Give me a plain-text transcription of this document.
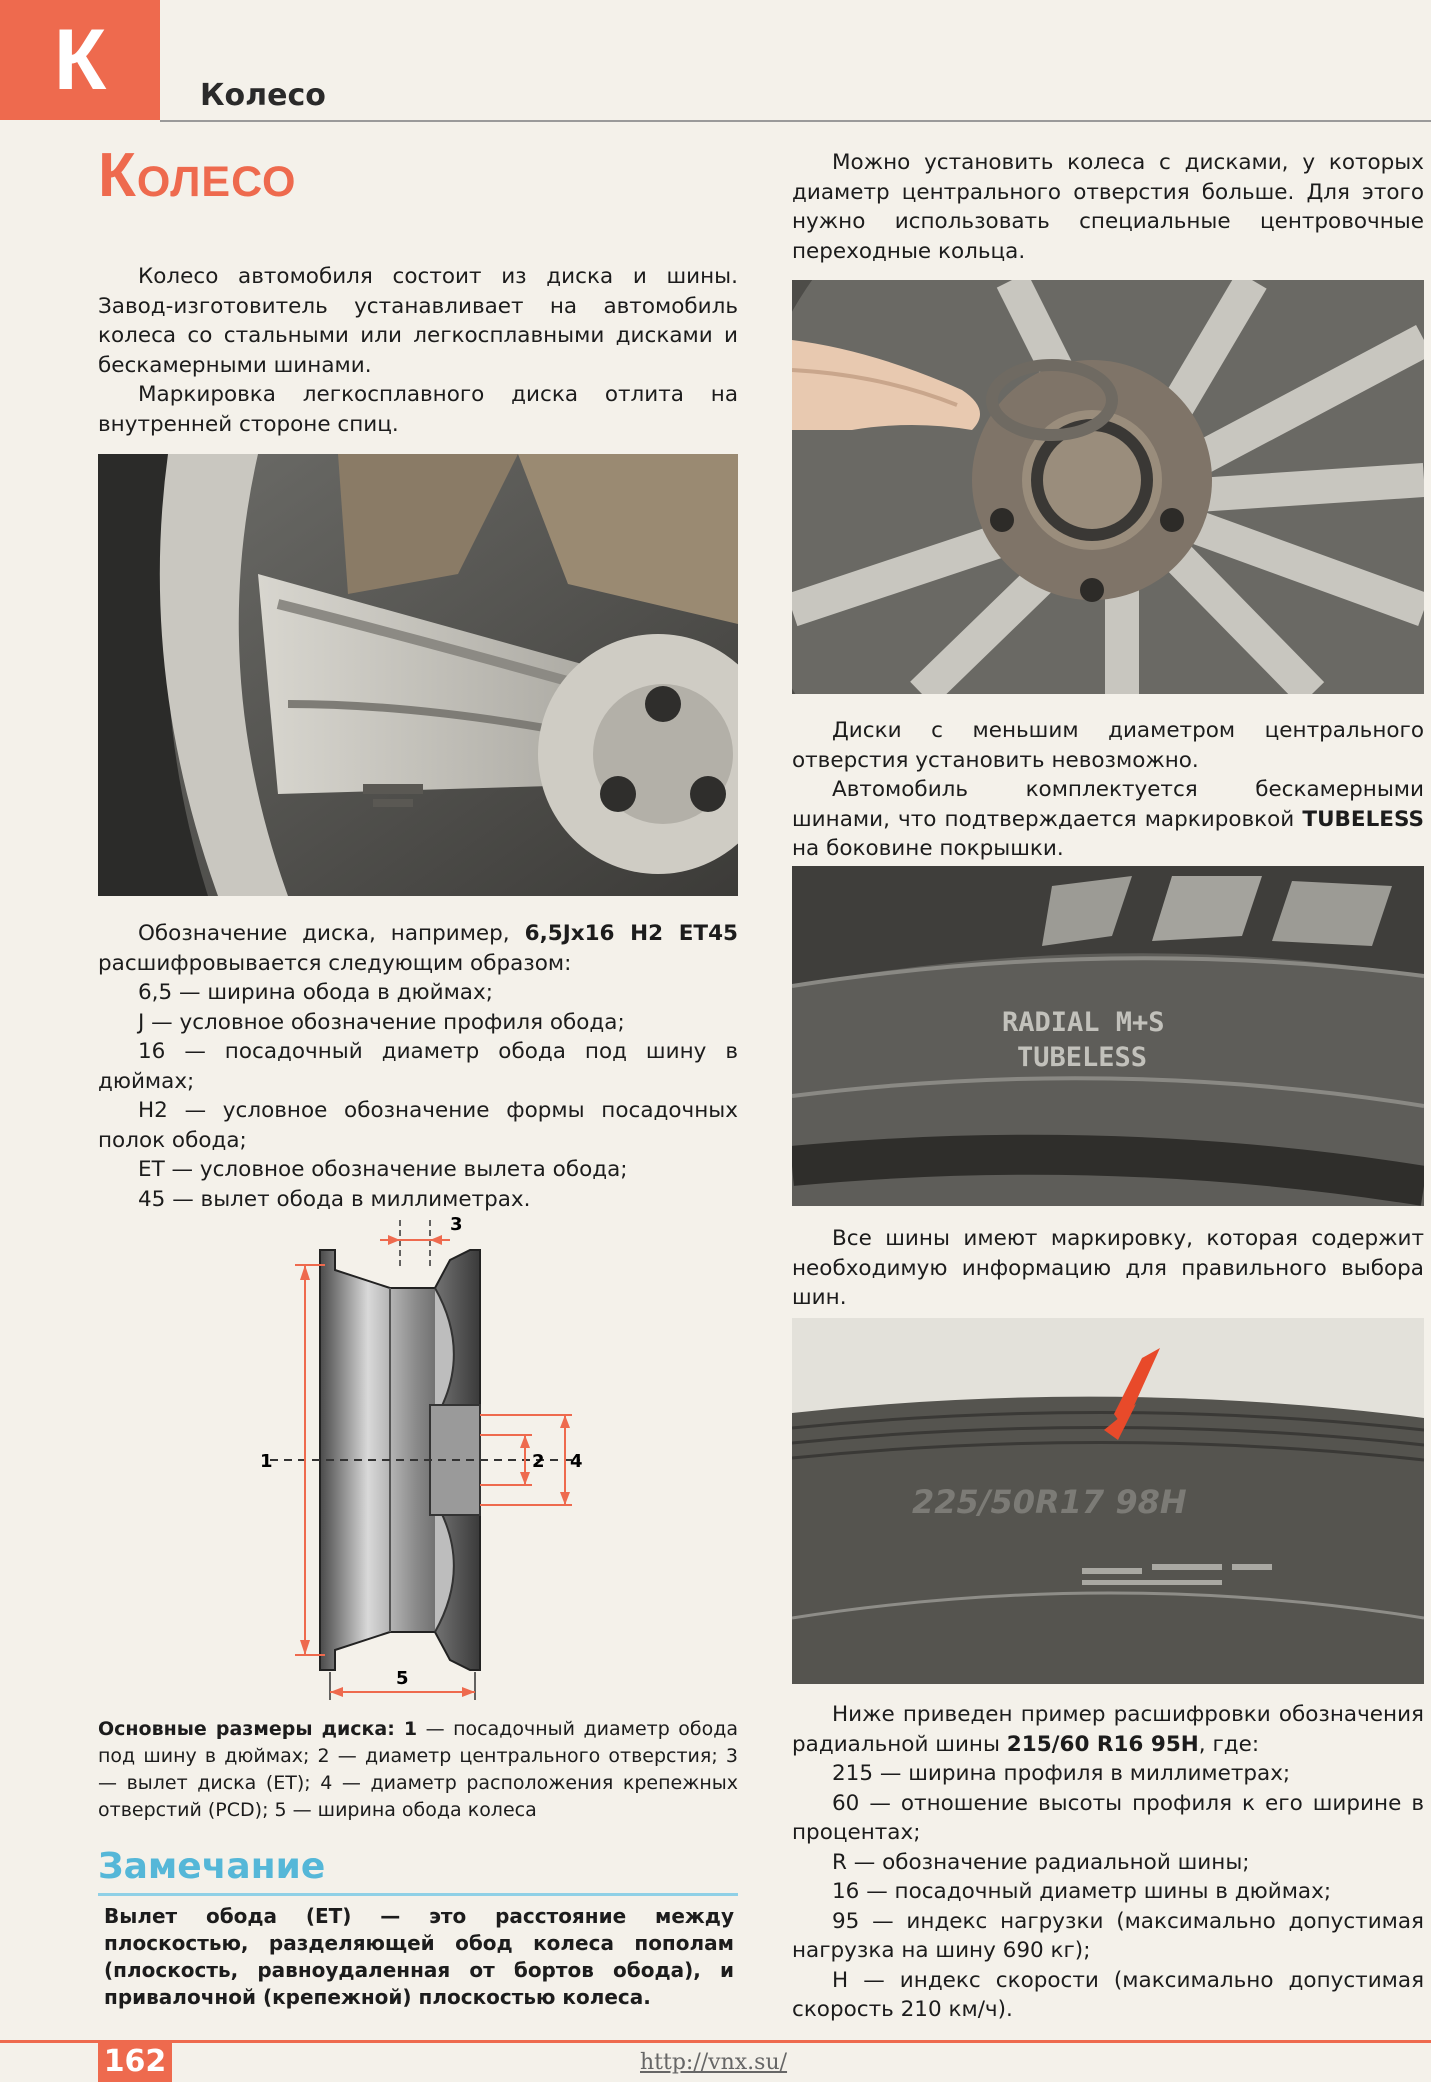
К	Колесо
Колесо

Колесо автомобиля состоит из диска и шины. Завод-изготовитель устанавливает на автомобиль колеса со стальными или легкосплавными дисками и бескамерными шинами.

Маркировка легкосплавного диска отлита на внутренней стороне спиц.

Обозначение диска, например, 6,5Jx16 H2 ET45 расшифровывается следующим образом:

6,5 — ширина обода в дюймах;

J — условное обозначение профиля обода;

16 — посадочный диаметр обода под шину в дюймах;

H2 — условное обозначение формы посадочных полок обода;

ET — условное обозначение вылета обода;

45 — вылет обода в миллиметрах.

1	2
3
4
5
Основные размеры диска: 1 — посадочный диаметр обода под шину в дюймах; 2 — диаметр центрального отверстия; 3 — вылет диска (ET); 4 — диаметр расположения крепежных отверстий (PCD); 5 — ширина обода колеса
Замечание
Вылет обода (ET) — это расстояние между плоскостью, разделяющей обод колеса пополам (плоскость, равноудаленная от бортов обода), и привалочной (крепежной) плоскостью колеса.

Можно установить колеса с дисками, у которых диаметр центрального отверстия больше. Для этого нужно использовать специальные центровочные переходные кольца.

Диски с меньшим диаметром центрального отверстия установить невозможно.

Автомобиль комплектуется бескамерными шинами, что подтверждается маркировкой TUBELESS на боковине покрышки.

RADIAL M+S
TUBELESS

Все шины имеют маркировку, которая содержит необходимую информацию для правильного выбора шин.

225/50R17 98H

Ниже приведен пример расшифровки обозначения радиальной шины 215/60 R16 95H, где:

215 — ширина профиля в миллиметрах;

60 — отношение высоты профиля к его ширине в процентах;

R — обозначение радиальной шины;

16 — посадочный диаметр шины в дюймах;

95 — индекс нагрузки (максимально допустимая нагрузка на шину 690 кг);

H — индекс скорости (максимально допустимая скорость 210 км/ч).

162	http://vnx.su/
